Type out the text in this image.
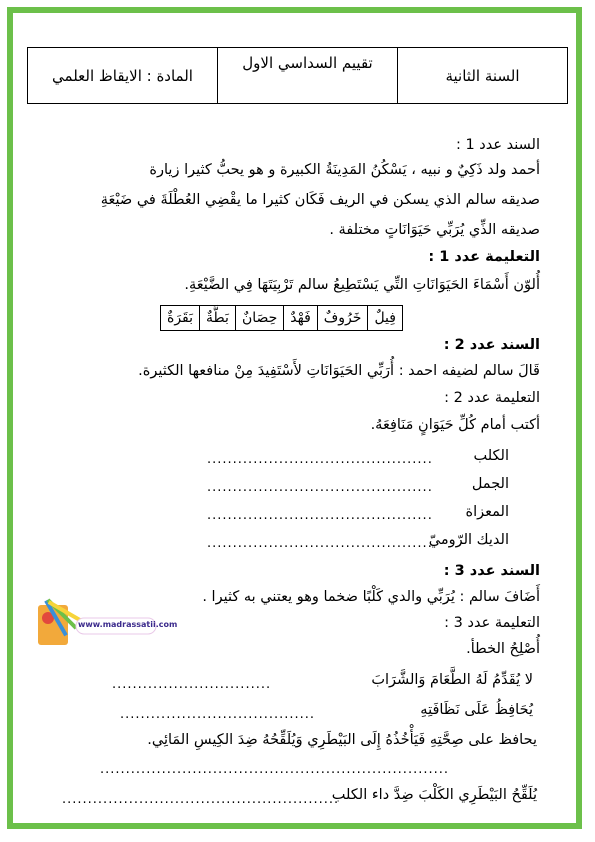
السنة الثانية
تقييم السداسي الاول
المادة : الايقاظ العلمي
السند عدد 1 :
أحمد ولد ذَكِيٌ و نبيه ، يَسْكُنُ المَدِينَةُ الكبيرة و هو يحبُّ كثيرا زيارة
صديقه سالم الذي يسكن في الريف فَكَان كثيرا ما يقْضِي العُطْلَةَ في ضَيْعَةِ
صديقه الذِّي يُرَبِّي حَيَوَانَاتٍ مختلفة .
التعليمة عدد 1 :
أُلوّن أَسْمَاءَ الحَيَوَانَاتِ التِّي يَسْتَطِيعُ سالم تَرْبِيَتَهَا فِي الضَّيْعَةِ.
فِيلٌ
خَرُوفٌ
فَهْدٌ
حِصَانٌ
بَطَّةٌ
بَقَرَةٌ
السند عدد 2 :
قَالَ سالم لضيفه احمد : أُرَبِّي الحَيَوَانَاتِ لأَسْتَفِيدَ مِنْ منافعها الكثيرة.
التعليمة عدد 2 :
أكتب أمام كُلِّ حَيَوَانٍ مَنَافِعَهُ.
الكلب
............................................
الجمل
............................................
المعزاة
............................................
الديك الرّوميّ
............................................
السند عدد 3 :
أَضَافَ سالم : يُرَبِّي والدي كَلْبًا ضخما وهو يعتني به كثيرا .
التعليمة عدد 3 :
أُصْلِحُ الخطأ.
لا يُقَدِّمُ لَهُ الطَّعَامَ وَالشَّرَابَ
...............................
يُحَافِظُ عَلَى نَظَافَتِهِ
......................................
يحافظ على صِحَّتِهِ فَيَأْخُذُهُ إِلَى البَيْطَرِي وَيُلَقِّحُهُ ضِدَ الكِيسِ المَائِي.
....................................................................
يُلَقِّحُ البَيْطَرِي الكَلْبَ ضِدَّ داء الكلب
......................................................
www.madrassatii.com
